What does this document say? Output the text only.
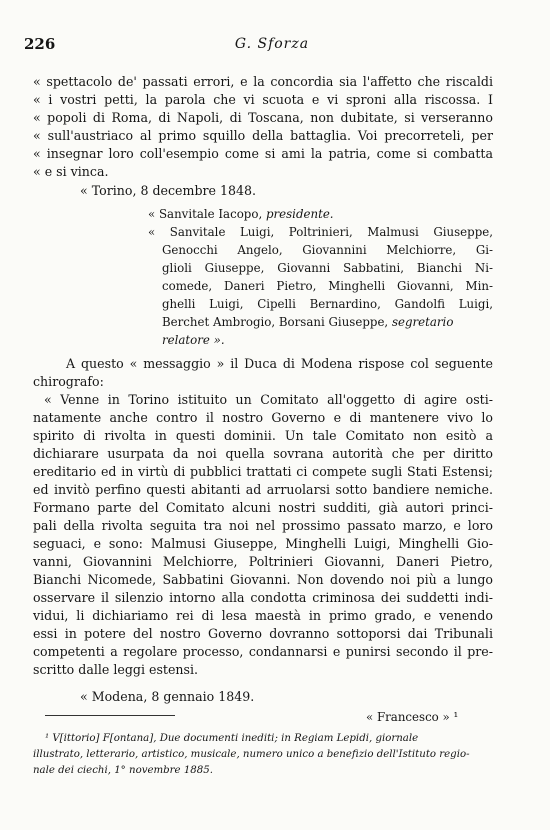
226	G. Sforza
« spettacolo de' passati errori, e la concordia sia l'affetto che riscaldi
« i vostri petti, la parola che vi scuota e vi sproni alla riscossa. I
« popoli di Roma, di Napoli, di Toscana, non dubitate, si verseranno
« sull'austriaco al primo squillo della battaglia. Voi precorreteli, per
« insegnar loro coll'esempio come si ami la patria, come si combatta
« e si vinca.
« Torino, 8 decembre 1848.
« Sanvitale Iacopo, presidente.
« Sanvitale Luigi, Poltrinieri, Malmusi Giuseppe,
Genocchi Angelo, Giovannini Melchiorre, Gi-
glioli Giuseppe, Giovanni Sabbatini, Bianchi Ni-
comede, Daneri Pietro, Minghelli Giovanni, Min-
ghelli Luigi, Cipelli Bernardino, Gandolfi Luigi,
Berchet Ambrogio, Borsani Giuseppe, segretario
relatore ».
A questo « messaggio » il Duca di Modena rispose col seguente
chirografo:
« Venne in Torino istituito un Comitato all'oggetto di agire osti-
natamente anche contro il nostro Governo e di mantenere vivo lo
spirito di rivolta in questi dominii. Un tale Comitato non esitò a
dichiarare usurpata da noi quella sovrana autorità che per diritto
ereditario ed in virtù di pubblici trattati ci compete sugli Stati Estensi;
ed invitò perfino questi abitanti ad arruolarsi sotto bandiere nemiche.
Formano parte del Comitato alcuni nostri sudditi, già autori princi-
pali della rivolta seguita tra noi nel prossimo passato marzo, e loro
seguaci, e sono: Malmusi Giuseppe, Minghelli Luigi, Minghelli Gio-
vanni, Giovannini Melchiorre, Poltrinieri Giovanni, Daneri Pietro,
Bianchi Nicomede, Sabbatini Giovanni. Non dovendo noi più a lungo
osservare il silenzio intorno alla condotta criminosa dei suddetti indi-
vidui, li dichiariamo rei di lesa maestà in primo grado, e venendo
essi in potere del nostro Governo dovranno sottoporsi dai Tribunali
competenti a regolare processo, condannarsi e punirsi secondo il pre-
scritto dalle leggi estensi.
« Modena, 8 gennaio 1849.
« Francesco » ¹
¹ V[ittorio] F[ontana], Due documenti inediti; in Regiam Lepidi, giornale
illustrato, letterario, artistico, musicale, numero unico a benefizio dell'Istituto regio-
nale dei ciechi, 1° novembre 1885.
